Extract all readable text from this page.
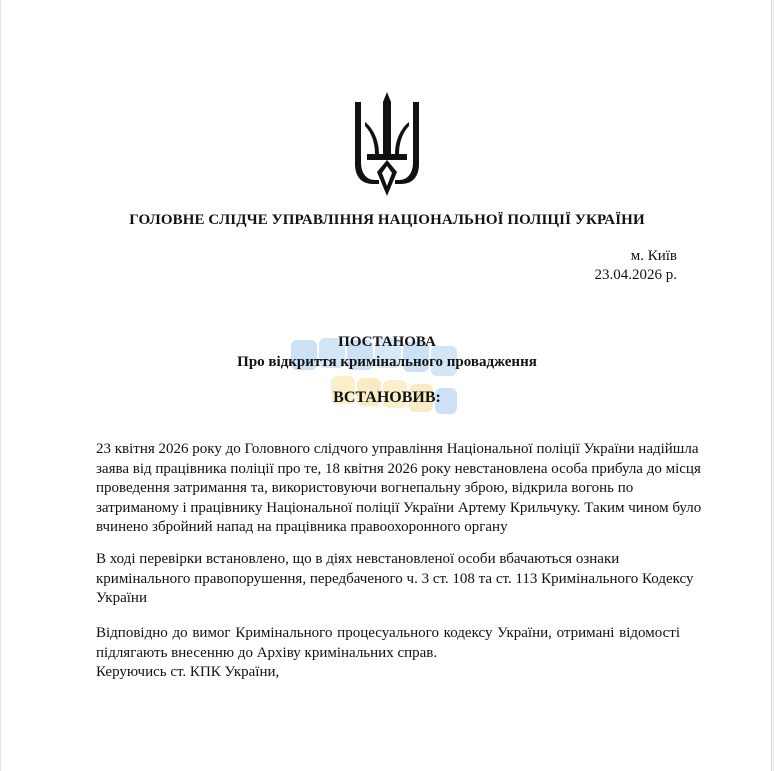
ГОЛОВНЕ СЛІДЧЕ УПРАВЛІННЯ НАЦІОНАЛЬНОЇ ПОЛІЦІЇ УКРАЇНИ
м. Київ
23.04.2026 р.
ПОСТАНОВА
Про відкриття кримінального провадження
ВСТАНОВИВ:
23 квітня 2026 року до Головного слідчого управління Національної поліції України надійшла
заява від працівника поліції про те, 18 квітня 2026 року невстановлена особа прибула до місця
проведення затримання та, використовуючи вогнепальну зброю, відкрила вогонь по
затриманому і працівнику Національної поліції України Артему Крильчуку. Таким чином було
вчинено збройний напад на працівника правоохоронного органу
В ході перевірки встановлено, що в діях невстановленої особи вбачаються ознаки
кримінального правопорушення, передбаченого ч. 3 ст. 108 та ст. 113 Кримінального Кодексу
України
Відповідно до вимог Кримінального процесуального кодексу України, отримані відомості
підлягають внесенню до Архіву кримінальних справ.
Керуючись ст. КПК України,
